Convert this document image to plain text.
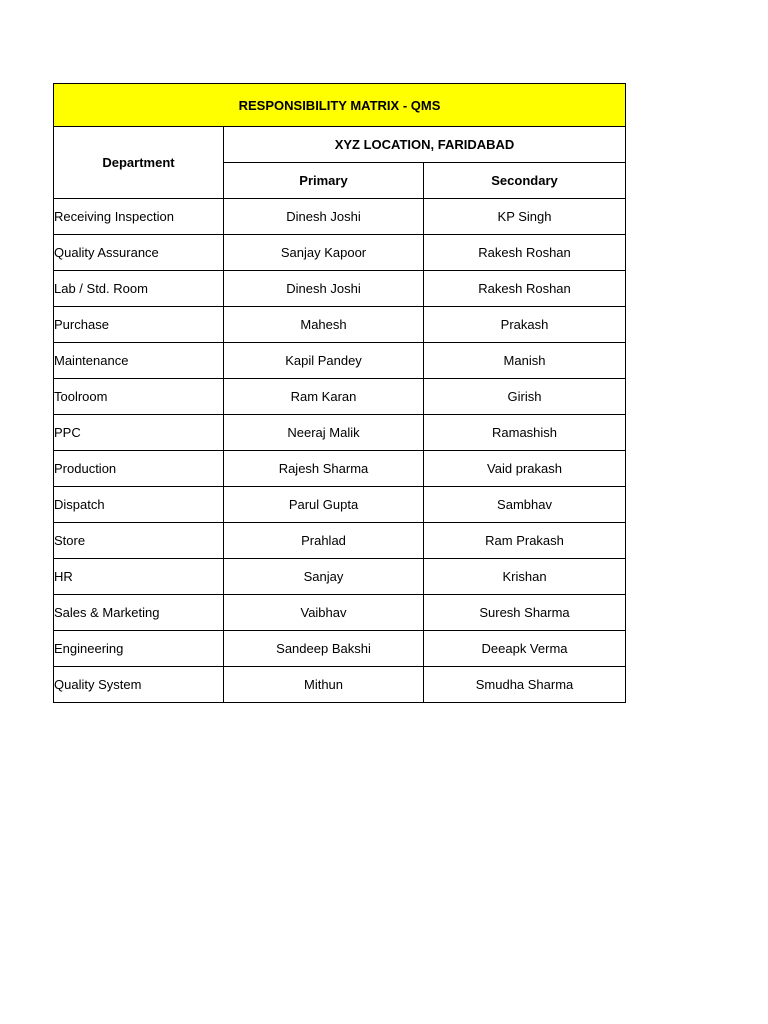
RESPONSIBILITY MATRIX - QMS		
Department	XYZ LOCATION, FARIDABAD	
	Primary	Secondary
Receiving Inspection	Dinesh Joshi	KP Singh
Quality Assurance	Sanjay Kapoor	Rakesh Roshan
Lab / Std. Room	Dinesh Joshi	Rakesh Roshan
Purchase	Mahesh	Prakash
Maintenance	Kapil Pandey	Manish
Toolroom	Ram Karan	Girish
PPC	Neeraj Malik	Ramashish
Production	Rajesh Sharma	Vaid prakash
Dispatch	Parul Gupta	Sambhav
Store	Prahlad	Ram Prakash
HR	Sanjay	Krishan
Sales & Marketing	Vaibhav	Suresh Sharma
Engineering	Sandeep Bakshi	Deeapk Verma
Quality System	Mithun	Smudha Sharma
